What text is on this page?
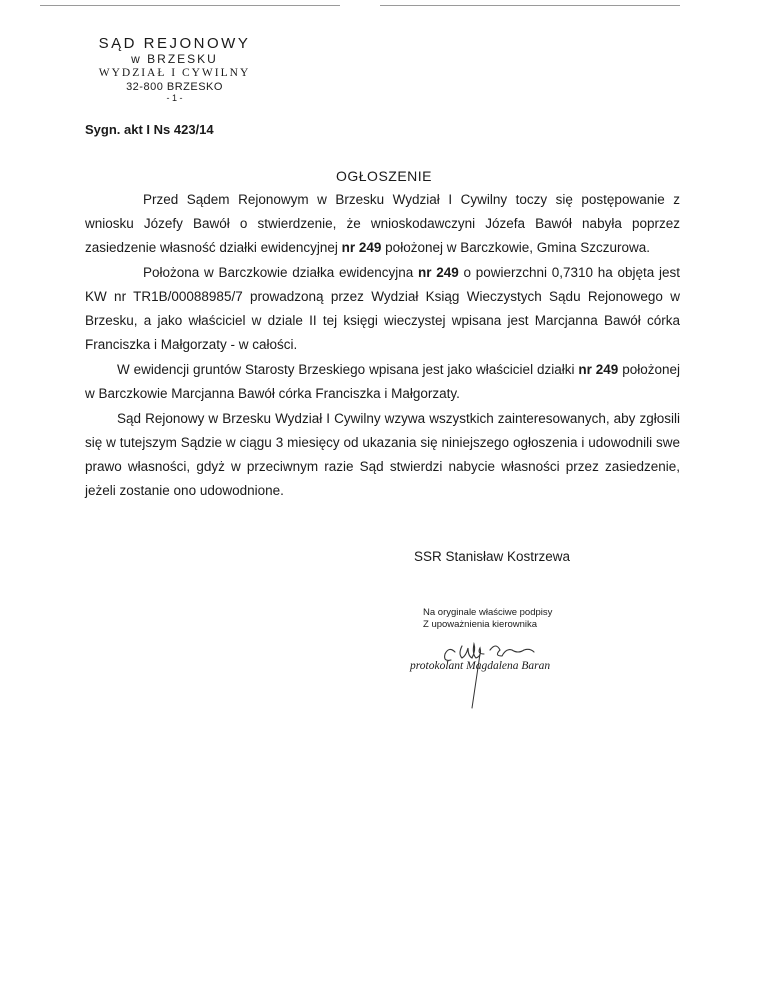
SĄD REJONOWY
w BRZESKU
WYDZIAŁ I CYWILNY
32-800 BRZESKO
- 1 -
Sygn. akt I Ns 423/14
OGŁOSZENIE

Przed Sądem Rejonowym w Brzesku Wydział I Cywilny toczy się postępowanie z wniosku Józefy Bawół o stwierdzenie, że wnioskodawczyni Józefa Bawół nabyła poprzez zasiedzenie własność działki ewidencyjnej nr 249 położonej w Barczkowie, Gmina Szczurowa.

Położona w Barczkowie działka ewidencyjna nr 249 o powierzchni 0,7310 ha objęta jest KW nr TR1B/00088985/7 prowadzoną przez Wydział Ksiąg Wieczystych Sądu Rejonowego w Brzesku, a jako właściciel w dziale II tej księgi wieczystej wpisana jest Marcjanna Bawół córka Franciszka i Małgorzaty - w całości.

W ewidencji gruntów Starosty Brzeskiego wpisana jest jako właściciel działki nr 249 położonej w Barczkowie Marcjanna Bawół córka Franciszka i Małgorzaty.

Sąd Rejonowy w Brzesku Wydział I Cywilny wzywa wszystkich zainteresowanych, aby zgłosili się w tutejszym Sądzie w ciągu 3 miesięcy od ukazania się niniejszego ogłoszenia i udowodnili swe prawo własności, gdyż w przeciwnym razie Sąd stwierdzi nabycie własności przez zasiedzenie, jeżeli zostanie ono udowodnione.

SSR Stanisław Kostrzewa
Na oryginale właściwe podpisy
Z upoważnienia kierownika
protokolant Magdalena Baran
